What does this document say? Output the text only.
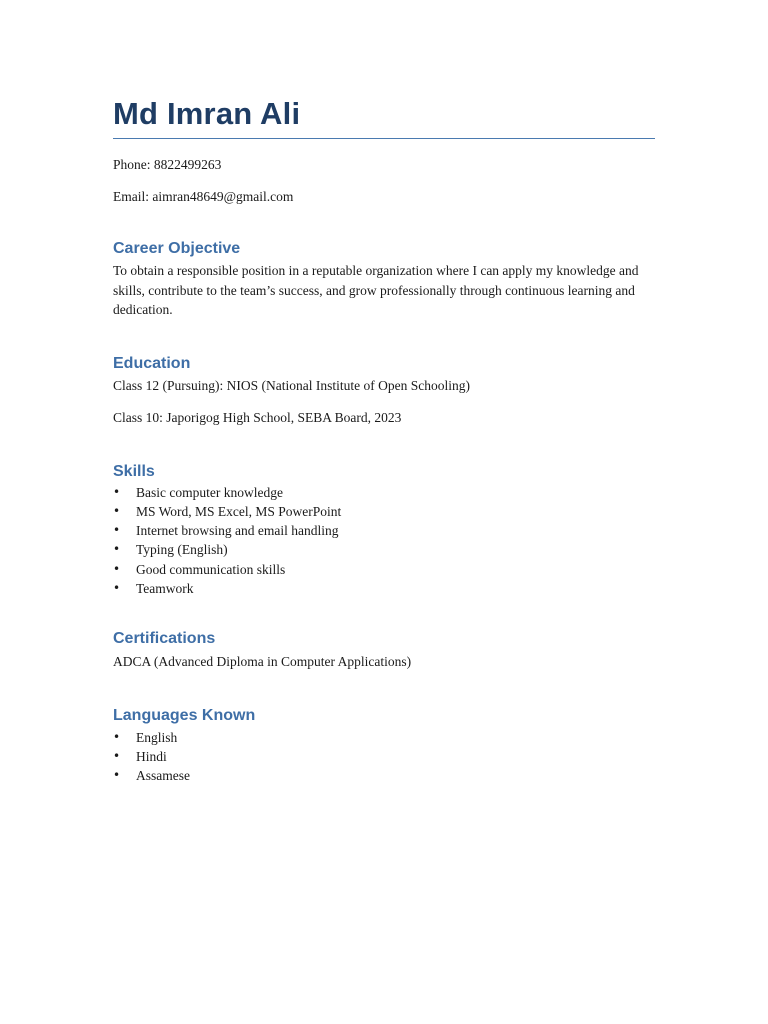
Md Imran Ali

Phone: 8822499263

Email: aimran48649@gmail.com

Career Objective

To obtain a responsible position in a reputable organization where I can apply my knowledge and skills, contribute to the team’s success, and grow professionally through continuous learning and dedication.

Education

Class 12 (Pursuing): NIOS (National Institute of Open Schooling)

Class 10: Japorigog High School, SEBA Board, 2023

Skills
• Basic computer knowledge
• MS Word, MS Excel, MS PowerPoint
• Internet browsing and email handling
• Typing (English)
• Good communication skills
• Teamwork
Certifications

ADCA (Advanced Diploma in Computer Applications)

Languages Known
• English
• Hindi
• Assamese
